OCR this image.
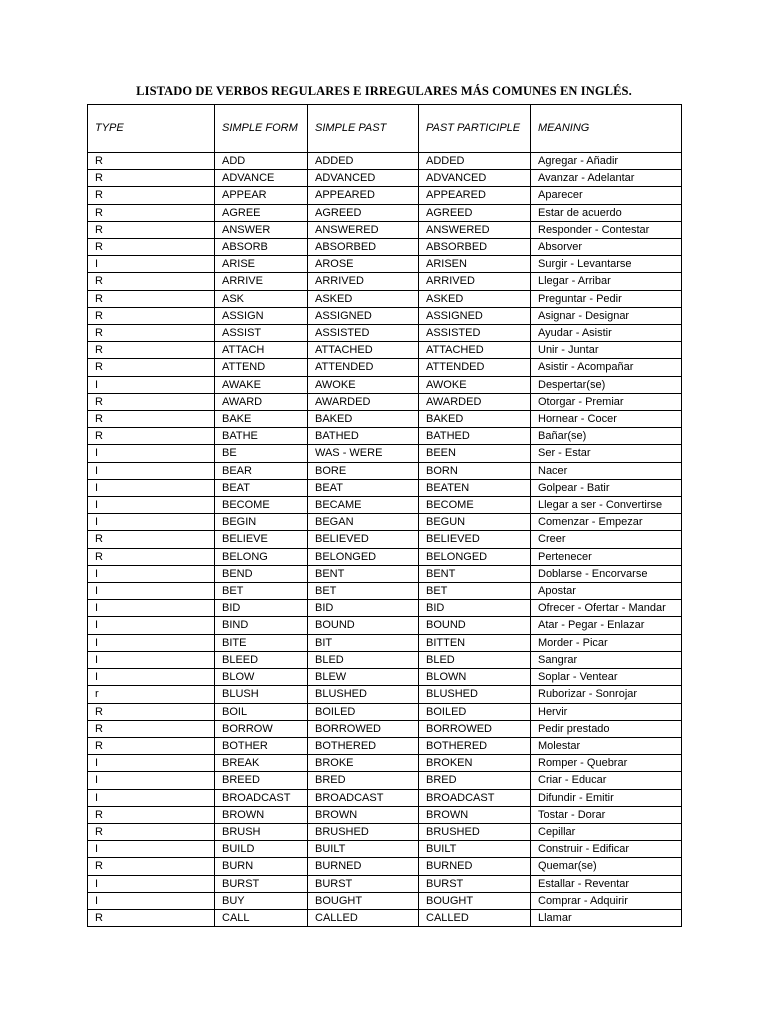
LISTADO DE VERBOS REGULARES E IRREGULARES MÁS COMUNES EN INGLÉS.
TYPE	SIMPLE FORM	SIMPLE PAST	PAST PARTICIPLE	MEANING
R	ADD	ADDED	ADDED	Agregar - Añadir
R	ADVANCE	ADVANCED	ADVANCED	Avanzar - Adelantar
R	APPEAR	APPEARED	APPEARED	Aparecer
R	AGREE	AGREED	AGREED	Estar de acuerdo
R	ANSWER	ANSWERED	ANSWERED	Responder - Contestar
R	ABSORB	ABSORBED	ABSORBED	Absorver
I	ARISE	AROSE	ARISEN	Surgir - Levantarse
R	ARRIVE	ARRIVED	ARRIVED	Llegar - Arribar
R	ASK	ASKED	ASKED	Preguntar - Pedir
R	ASSIGN	ASSIGNED	ASSIGNED	Asignar - Designar
R	ASSIST	ASSISTED	ASSISTED	Ayudar - Asistir
R	ATTACH	ATTACHED	ATTACHED	Unir - Juntar
R	ATTEND	ATTENDED	ATTENDED	Asistir - Acompañar
I	AWAKE	AWOKE	AWOKE	Despertar(se)
R	AWARD	AWARDED	AWARDED	Otorgar - Premiar
R	BAKE	BAKED	BAKED	Hornear - Cocer
R	BATHE	BATHED	BATHED	Bañar(se)
I	BE	WAS - WERE	BEEN	Ser - Estar
I	BEAR	BORE	BORN	Nacer
I	BEAT	BEAT	BEATEN	Golpear - Batir
I	BECOME	BECAME	BECOME	Llegar a ser - Convertirse
I	BEGIN	BEGAN	BEGUN	Comenzar - Empezar
R	BELIEVE	BELIEVED	BELIEVED	Creer
R	BELONG	BELONGED	BELONGED	Pertenecer
I	BEND	BENT	BENT	Doblarse - Encorvarse
I	BET	BET	BET	Apostar
I	BID	BID	BID	Ofrecer - Ofertar - Mandar
I	BIND	BOUND	BOUND	Atar - Pegar - Enlazar
I	BITE	BIT	BITTEN	Morder - Picar
I	BLEED	BLED	BLED	Sangrar
I	BLOW	BLEW	BLOWN	Soplar - Ventear
r	BLUSH	BLUSHED	BLUSHED	Ruborizar - Sonrojar
R	BOIL	BOILED	BOILED	Hervir
R	BORROW	BORROWED	BORROWED	Pedir prestado
R	BOTHER	BOTHERED	BOTHERED	Molestar
I	BREAK	BROKE	BROKEN	Romper - Quebrar
I	BREED	BRED	BRED	Criar - Educar
I	BROADCAST	BROADCAST	BROADCAST	Difundir - Emitir
R	BROWN	BROWN	BROWN	Tostar - Dorar
R	BRUSH	BRUSHED	BRUSHED	Cepillar
I	BUILD	BUILT	BUILT	Construir - Edificar
R	BURN	BURNED	BURNED	Quemar(se)
I	BURST	BURST	BURST	Estallar - Reventar
I	BUY	BOUGHT	BOUGHT	Comprar - Adquirir
R	CALL	CALLED	CALLED	Llamar
